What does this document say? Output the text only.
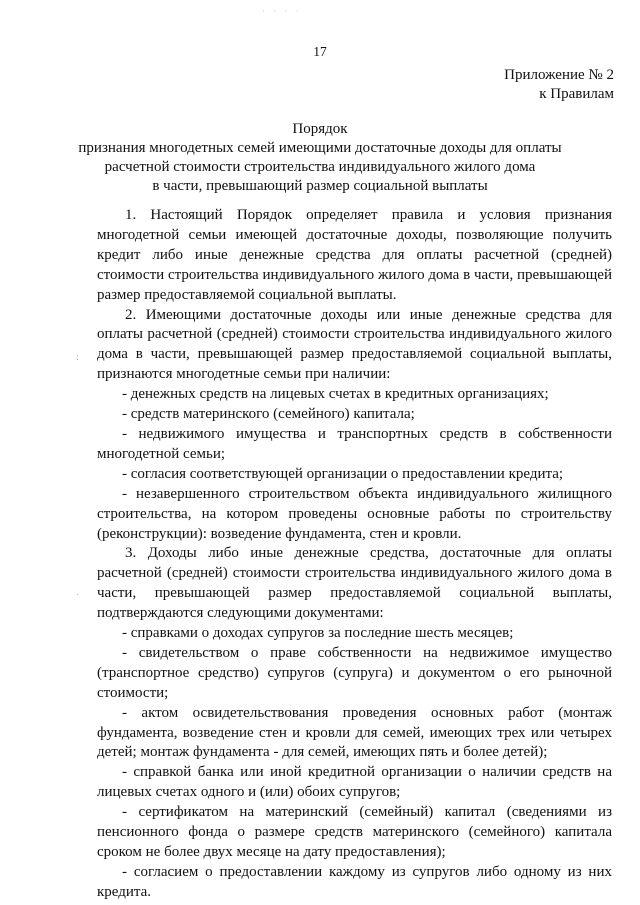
· · · ·
17
Приложение № 2
к Правилам
Порядок
признания многодетных семей имеющими достаточные доходы для оплаты
расчетной стоимости строительства индивидуального жилого дома
в части, превышающий размер социальной выплаты
:
·

1. Настоящий Порядок определяет правила и условия признания многодетной семьи имеющей достаточные доходы, позволяющие получить кредит либо иные денежные средства для оплаты расчетной (средней) стоимости строительства индивидуального жилого дома в части, превышающей размер предоставляемой социальной выплаты.

2. Имеющими достаточные доходы или иные денежные средства для оплаты расчетной (средней) стоимости строительства индивидуального жилого дома в части, превышающей размер предоставляемой социальной выплаты, признаются многодетные семьи при наличии:

- денежных средств на лицевых счетах в кредитных организациях;

- средств материнского (семейного) капитала;

- недвижимого имущества и транспортных средств в собственности многодетной семьи;

- согласия соответствующей организации о предоставлении кредита;

- незавершенного строительством объекта индивидуального жилищного строительства, на котором проведены основные работы по строительству (реконструкции): возведение фундамента, стен и кровли.

3. Доходы либо иные денежные средства, достаточные для оплаты расчетной (средней) стоимости строительства индивидуального жилого дома в части, превышающей размер предоставляемой социальной выплаты, подтверждаются следующими документами:

- справками о доходах супругов за последние шесть месяцев;

- свидетельством о праве собственности на недвижимое имущество (транспортное средство) супругов (супруга) и документом о его рыночной стоимости;

- актом освидетельствования проведения основных работ (монтаж фундамента, возведение стен и кровли для семей, имеющих трех или четырех детей; монтаж фундамента - для семей, имеющих пять и более детей);

- справкой банка или иной кредитной организации о наличии средств на лицевых счетах одного и (или) обоих супругов;

- сертификатом на материнский (семейный) капитал (сведениями из пенсионного фонда о размере средств материнского (семейного) капитала сроком не более двух месяце на дату предоставления);

- согласием о предоставлении каждому из супругов либо одному из них кредита.
